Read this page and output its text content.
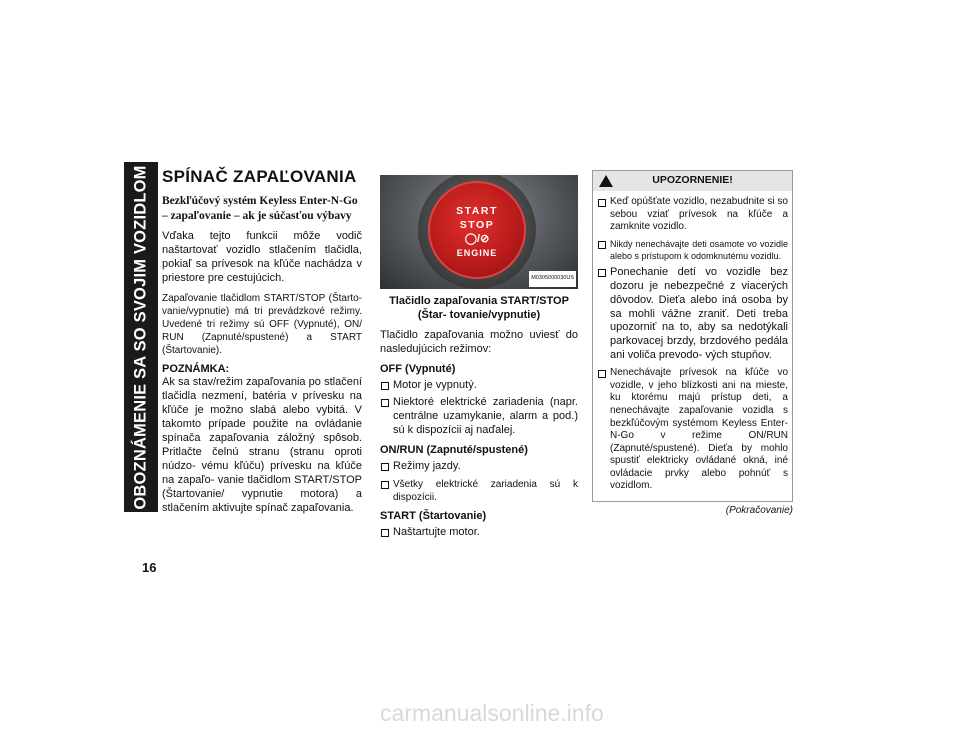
OBOZNÁMENIE SA SO SVOJIM VOZIDLOM
16
SPÍNAČ ZAPAĽOVANIA
Bezkľúčový systém Keyless Enter-N-Go – zapaľovanie – ak je súčasťou výbavy

Vďaka tejto funkcii môže vodič naštartovať vozidlo stlačením tlačidla, pokiaľ sa prívesok na kľúče nachádza v priestore pre cestujúcich.

Zapaľovanie tlačidlom START/STOP (Štarto- vanie/vypnutie) má tri prevádzkové režimy. Uvedené tri režimy sú OFF (Vypnuté), ON/ RUN (Zapnuté/spustené) a START (Štartovanie).

POZNÁMKA:

Ak sa stav/režim zapaľovania po stlačení tlačidla nezmení, batéria v prívesku na kľúče je možno slabá alebo vybitá. V takomto prípade použite na ovládanie spínača zapaľovania záložný spôsob. Pritlačte čelnú stranu (stranu oproti núdzo- vému kľúču) prívesku na kľúče na zapaľo- vanie tlačidlom START/STOP (Štartovanie/ vypnutie motora) a stlačením aktivujte spínač zapaľovania.

START
STOP
◯/⊘
ENGINE
M0305000030US
Tlačidlo zapaľovania START/STOP (Štar- tovanie/vypnutie)

Tlačidlo zapaľovania možno uviesť do nasledujúcich režimov:

OFF (Vypnuté)
Motor je vypnutý.
Niektoré elektrické zariadenia (napr. centrálne uzamykanie, alarm a pod.) sú k dispozícii aj naďalej.
ON/RUN (Zapnuté/spustené)
Režimy jazdy.
Všetky elektrické zariadenia sú k dispozícii.
START (Štartovanie)
Naštartujte motor.
UPOZORNENIE!
Keď opúšťate vozidlo, nezabudnite si so sebou vziať prívesok na kľúče a zamknite vozidlo.
Nikdy nenechávajte deti osamote vo vozidle alebo s prístupom k odomknutému vozidlu.
Ponechanie detí vo vozidle bez dozoru je nebezpečné z viacerých dôvodov. Dieťa alebo iná osoba by sa mohli vážne zraniť. Deti treba upozorniť na to, aby sa nedotýkali parkovacej brzdy, brzdového pedála ani voliča prevodo- vých stupňov.
Nenechávajte prívesok na kľúče vo vozidle, v jeho blízkosti ani na mieste, ku ktorému majú prístup deti, a nenechávajte zapaľovanie vozidla s bezkľúčovým systémom Keyless Enter-N-Go v režime ON/RUN (Zapnuté/spustené). Dieťa by mohlo spustiť elektricky ovládané okná, iné ovládacie prvky alebo pohnúť s vozidlom.
(Pokračovanie)
carmanualsonline.info
